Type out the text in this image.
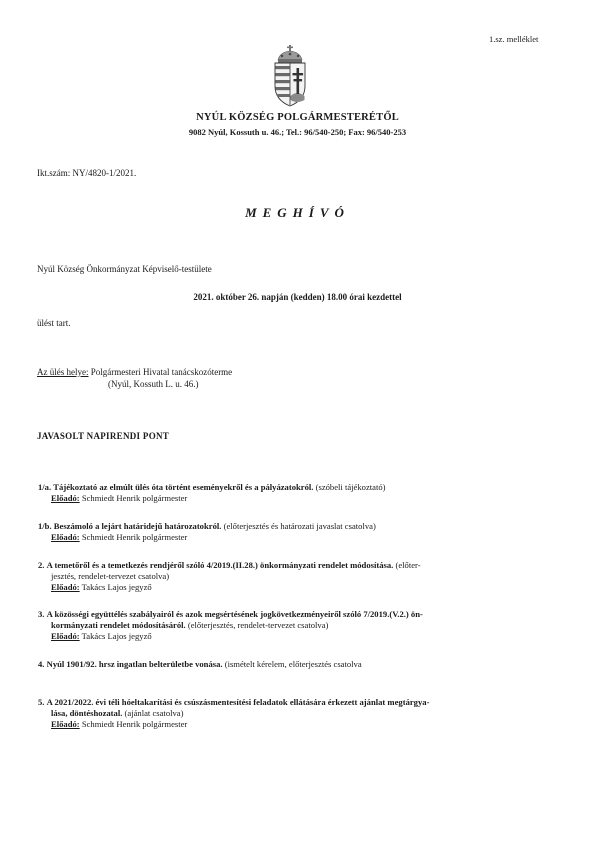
1.sz. melléklet
NYÚL KÖZSÉG POLGÁRMESTERÉTŐL
9082 Nyúl, Kossuth u. 46.; Tel.: 96/540-250; Fax: 96/540-253
Ikt.szám: NY/4820-1/2021.
MEGHÍVÓ
Nyúl Község Önkormányzat Képviselő-testülete
2021. október 26. napján (kedden) 18.00 órai kezdettel
ülést tart.
Az ülés helye: Polgármesteri Hivatal tanácskozóterme
(Nyúl, Kossuth L. u. 46.)
JAVASOLT NAPIRENDI PONT
1/a. Tájékoztató az elmúlt ülés óta történt eseményekről és a pályázatokról. (szóbeli tájékoztató)
Előadó: Schmiedt Henrik polgármester
1/b. Beszámoló a lejárt határidejű határozatokról. (előterjesztés és határozati javaslat csatolva)
Előadó: Schmiedt Henrik polgármester
2. A temetőről és a temetkezés rendjéről szóló 4/2019.(II.28.) önkormányzati rendelet módosítása. (előter-
jesztés, rendelet-tervezet csatolva)
Előadó: Takács Lajos jegyző
3. A közösségi együttélés szabályairól és azok megsértésének jogkövetkezményeiről szóló 7/2019.(V.2.) ön-
kormányzati rendelet módosításáról. (előterjesztés, rendelet-tervezet csatolva)
Előadó: Takács Lajos jegyző
4. Nyúl 1901/92. hrsz ingatlan belterületbe vonása. (ismételt kérelem, előterjesztés csatolva
5. A 2021/2022. évi téli hóeltakarítási és csúszásmentesítési feladatok ellátására érkezett ajánlat megtárgya-
lása, döntéshozatal. (ajánlat csatolva)
Előadó: Schmiedt Henrik polgármester
